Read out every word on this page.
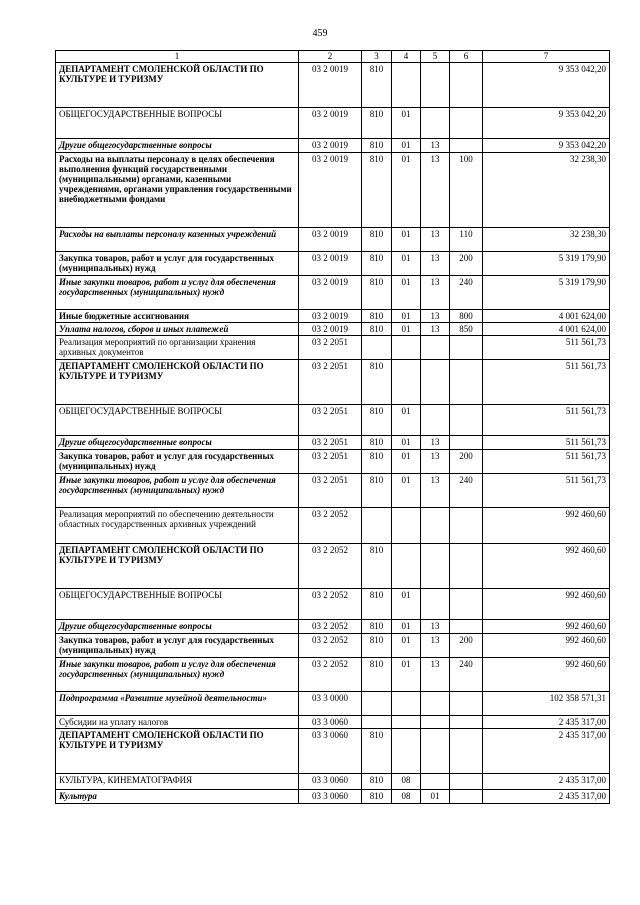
459
1	2	3	4	5	6	7
ДЕПАРТАМЕНТ СМОЛЕНСКОЙ ОБЛАСТИ ПО КУЛЬТУРЕ И ТУРИЗМУ	03 2 0019	810				9 353 042,20
ОБЩЕГОСУДАРСТВЕННЫЕ ВОПРОСЫ	03 2 0019	810	01			9 353 042,20
Другие общегосударственные вопросы	03 2 0019	810	01	13		9 353 042,20
Расходы на выплаты персоналу в целях обеспечения выполнения функций государственными (муниципальными) органами, казенными учреждениями, органами управления государственными внебюджетными фондами	03 2 0019	810	01	13	100	32 238,30
Расходы на выплаты персоналу казенных учреждений	03 2 0019	810	01	13	110	32 238,30
Закупка товаров, работ и услуг для государственных (муниципальных) нужд	03 2 0019	810	01	13	200	5 319 179,90
Иные закупки товаров, работ и услуг для обеспечения государственных (муниципальных) нужд	03 2 0019	810	01	13	240	5 319 179,90
Иные бюджетные ассигнования	03 2 0019	810	01	13	800	4 001 624,00
Уплата налогов, сборов и иных платежей	03 2 0019	810	01	13	850	4 001 624,00
Реализация мероприятий по организации хранения архивных документов	03 2 2051					511 561,73
ДЕПАРТАМЕНТ СМОЛЕНСКОЙ ОБЛАСТИ ПО КУЛЬТУРЕ И ТУРИЗМУ	03 2 2051	810				511 561,73
ОБЩЕГОСУДАРСТВЕННЫЕ ВОПРОСЫ	03 2 2051	810	01			511 561,73
Другие общегосударственные вопросы	03 2 2051	810	01	13		511 561,73
Закупка товаров, работ и услуг для государственных (муниципальных) нужд	03 2 2051	810	01	13	200	511 561,73
Иные закупки товаров, работ и услуг для обеспечения государственных (муниципальных) нужд	03 2 2051	810	01	13	240	511 561,73
Реализация мероприятий по обеспечению деятельности областных государственных архивных учреждений	03 2 2052					992 460,60
ДЕПАРТАМЕНТ СМОЛЕНСКОЙ ОБЛАСТИ ПО КУЛЬТУРЕ И ТУРИЗМУ	03 2 2052	810				992 460,60
ОБЩЕГОСУДАРСТВЕННЫЕ ВОПРОСЫ	03 2 2052	810	01			992 460,60
Другие общегосударственные вопросы	03 2 2052	810	01	13		992 460,60
Закупка товаров, работ и услуг для государственных (муниципальных) нужд	03 2 2052	810	01	13	200	992 460,60
Иные закупки товаров, работ и услуг для обеспечения государственных (муниципальных) нужд	03 2 2052	810	01	13	240	992 460,60
Подпрограмма «Развитие музейной деятельности»	03 3 0000					102 358 571,31
Субсидии на уплату налогов	03 3 0060					2 435 317,00
ДЕПАРТАМЕНТ СМОЛЕНСКОЙ ОБЛАСТИ ПО КУЛЬТУРЕ И ТУРИЗМУ	03 3 0060	810				2 435 317,00
КУЛЬТУРА, КИНЕМАТОГРАФИЯ	03 3 0060	810	08			2 435 317,00
Культура	03 3 0060	810	08	01		2 435 317,00
